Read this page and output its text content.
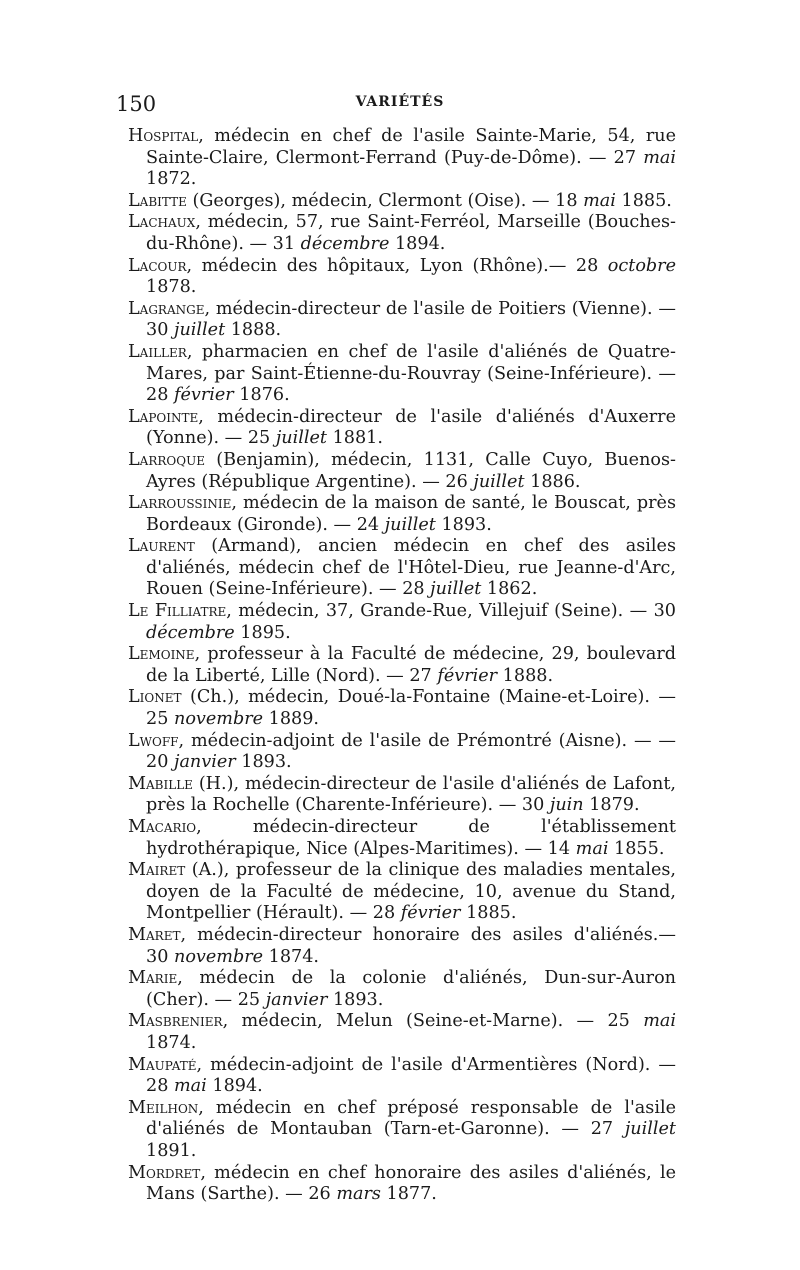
150	VARIÉTÉS

Hospital, médecin en chef de l'asile Sainte-Marie, 54, rue Sainte-Claire, Clermont-Ferrand (Puy-de-Dôme). — 27 mai 1872.

Labitte (Georges), médecin, Clermont (Oise). — 18 mai 1885.

Lachaux, médecin, 57, rue Saint-Ferréol, Marseille (Bouches-du-Rhône). — 31 décembre 1894.

Lacour, médecin des hôpitaux, Lyon (Rhône).— 28 octobre 1878.

Lagrange, médecin-directeur de l'asile de Poitiers (Vienne). — 30 juillet 1888.

Lailler, pharmacien en chef de l'asile d'aliénés de Quatre-Mares, par Saint-Étienne-du-Rouvray (Seine-Inférieure). — 28 février 1876.

Lapointe, médecin-directeur de l'asile d'aliénés d'Auxerre (Yonne). — 25 juillet 1881.

Larroque (Benjamin), médecin, 1131, Calle Cuyo, Buenos-Ayres (République Argentine). — 26 juillet 1886.

Larroussinie, médecin de la maison de santé, le Bouscat, près Bordeaux (Gironde). — 24 juillet 1893.

Laurent (Armand), ancien médecin en chef des asiles d'aliénés, médecin chef de l'Hôtel-Dieu, rue Jeanne-d'Arc, Rouen (Seine-Inférieure). — 28 juillet 1862.

Le Filliatre, médecin, 37, Grande-Rue, Villejuif (Seine). — 30 décembre 1895.

Lemoine, professeur à la Faculté de médecine, 29, boulevard de la Liberté, Lille (Nord). — 27 février 1888.

Lionet (Ch.), médecin, Doué-la-Fontaine (Maine-et-Loire). — 25 novembre 1889.

Lwoff, médecin-adjoint de l'asile de Prémontré (Aisne). — — 20 janvier 1893.

Mabille (H.), médecin-directeur de l'asile d'aliénés de Lafont, près la Rochelle (Charente-Inférieure). — 30 juin 1879.

Macario, médecin-directeur de l'établissement hydrothérapique, Nice (Alpes-Maritimes). — 14 mai 1855.

Mairet (A.), professeur de la clinique des maladies mentales, doyen de la Faculté de médecine, 10, avenue du Stand, Montpellier (Hérault). — 28 février 1885.

Maret, médecin-directeur honoraire des asiles d'aliénés.— 30 novembre 1874.

Marie, médecin de la colonie d'aliénés, Dun-sur-Auron (Cher). — 25 janvier 1893.

Masbrenier, médecin, Melun (Seine-et-Marne). — 25 mai 1874.

Maupaté, médecin-adjoint de l'asile d'Armentières (Nord). — 28 mai 1894.

Meilhon, médecin en chef préposé responsable de l'asile d'aliénés de Montauban (Tarn-et-Garonne). — 27 juillet 1891.

Mordret, médecin en chef honoraire des asiles d'aliénés, le Mans (Sarthe). — 26 mars 1877.
